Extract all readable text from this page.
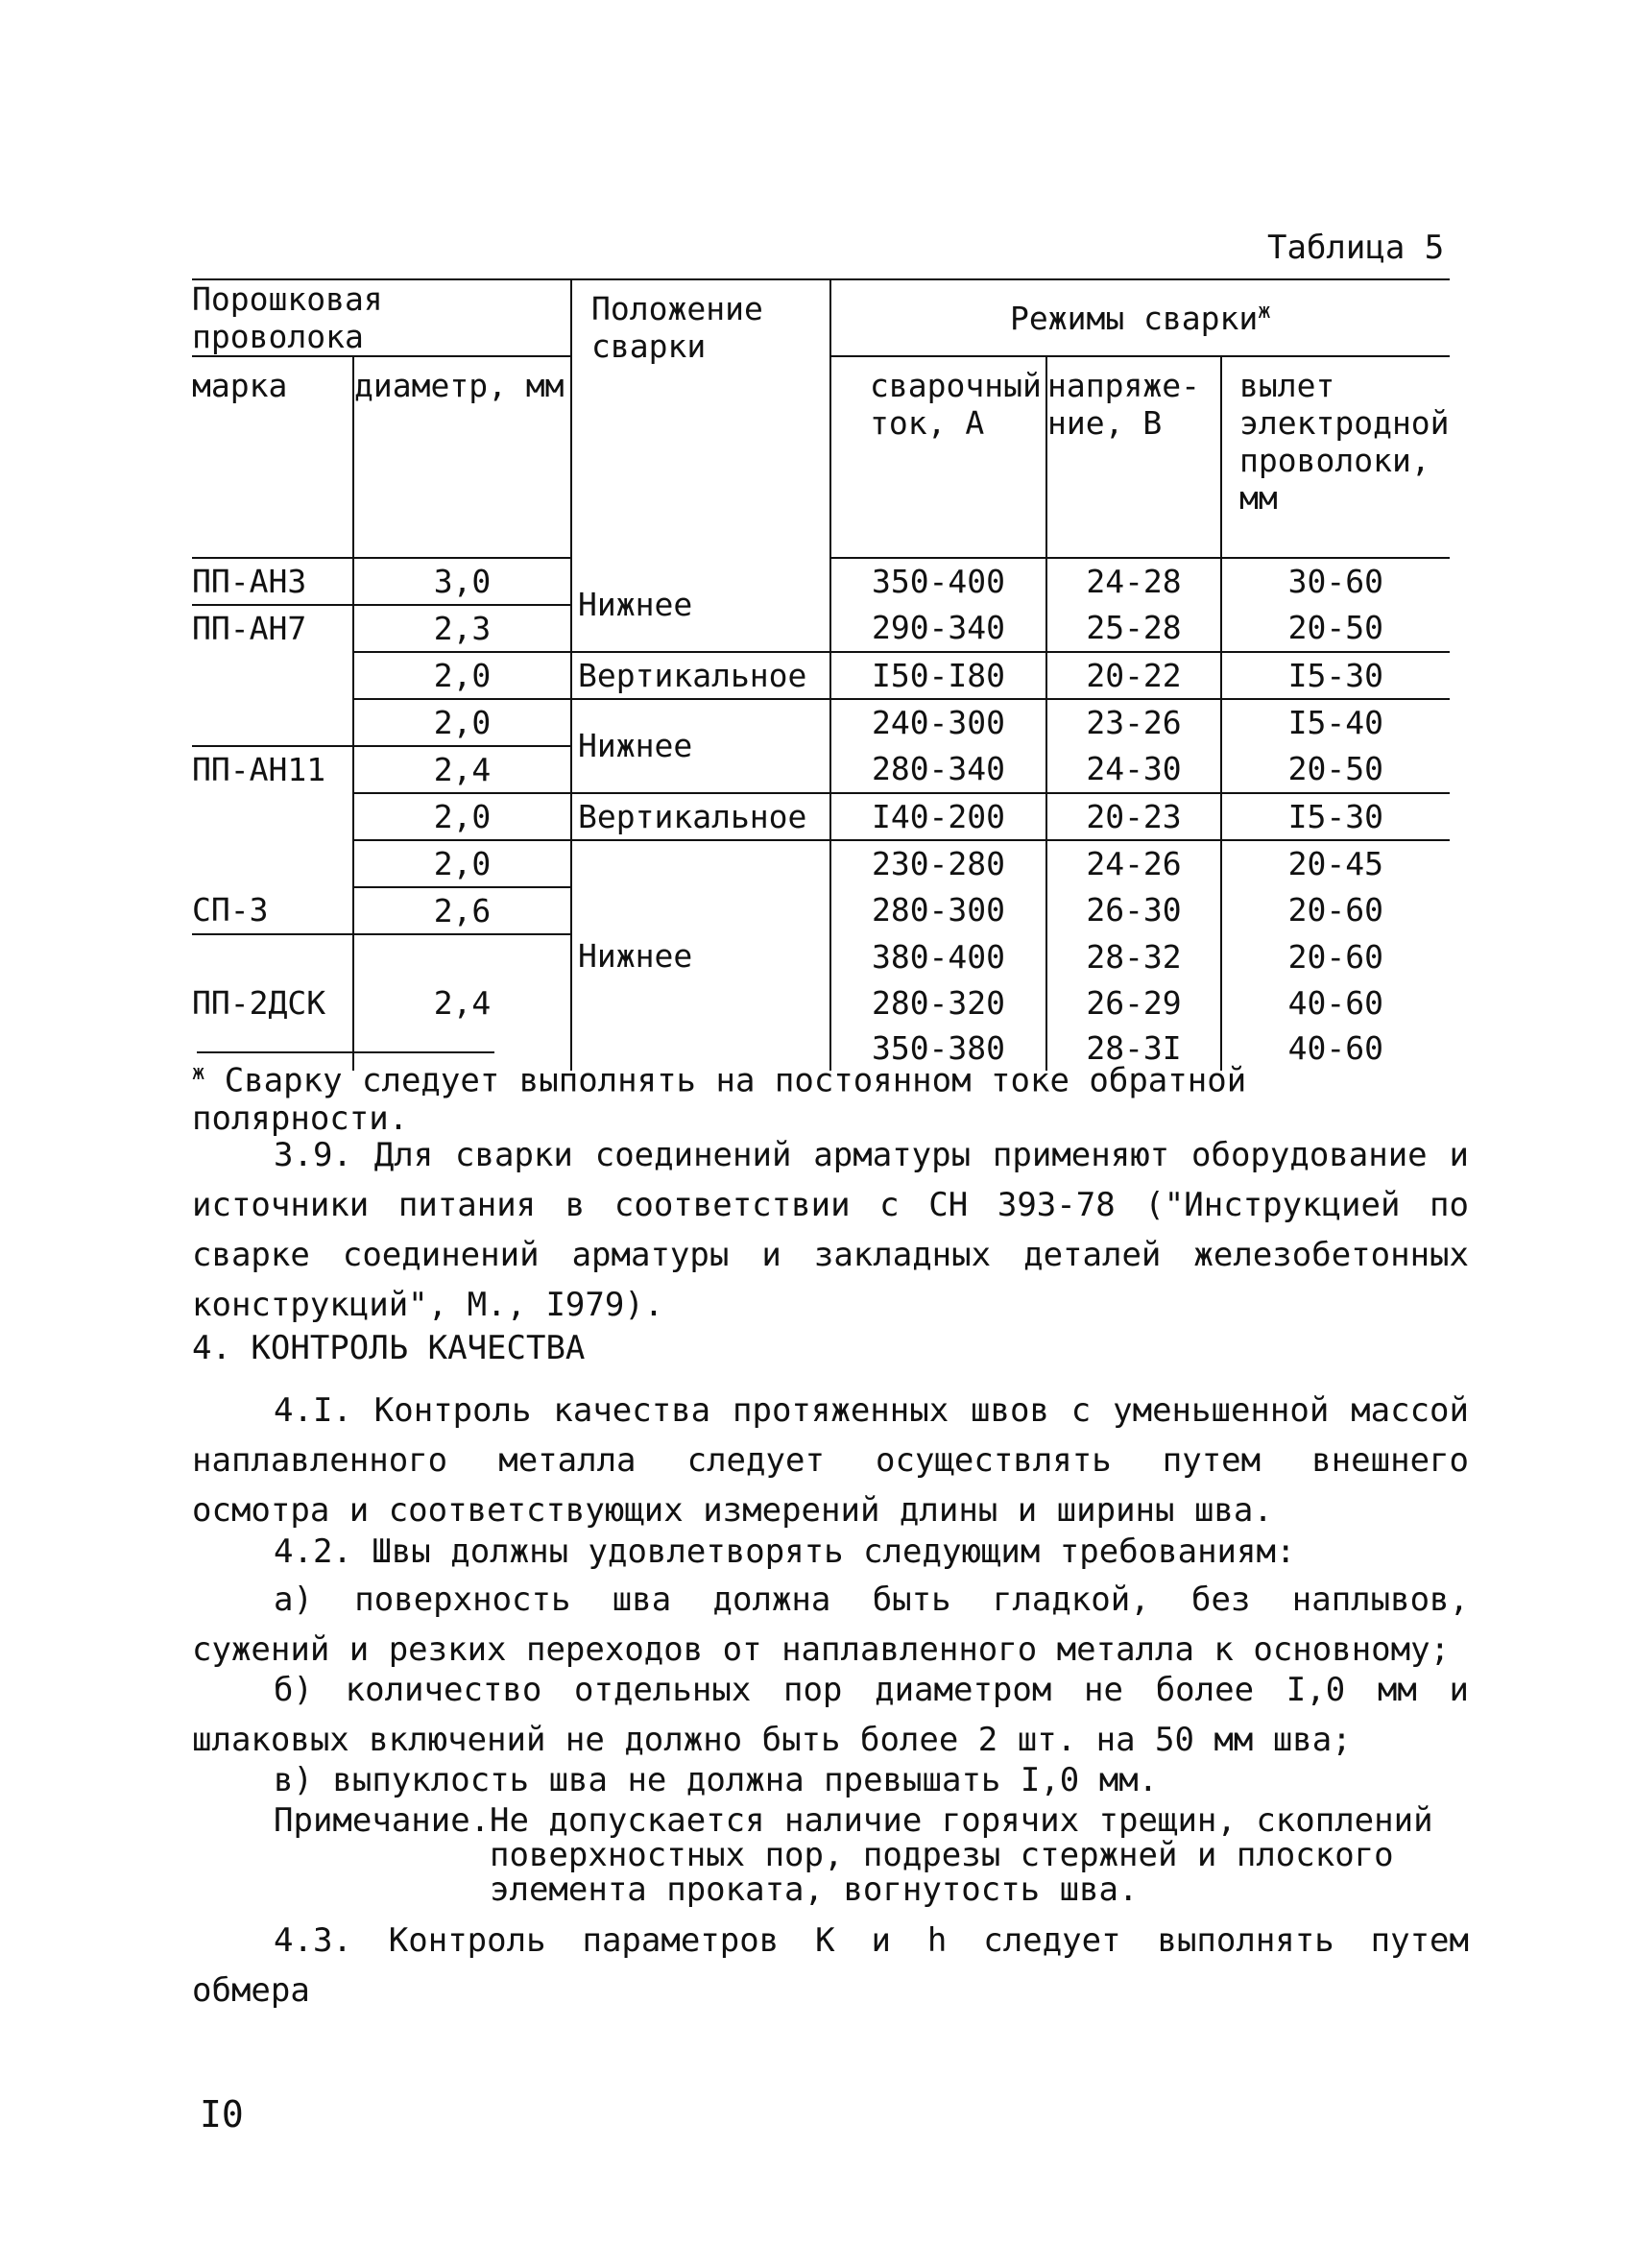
Таблица 5
Порошковая проволока		Положение сварки	Режимы сварки$^ж$
марка	диаметр, мм		сварочный ток, А	напряже-ние, В	вылет электродной проволоки, мм
ПП-АН3	3,0	Нижнее	350-400	24-28	30-60
ПП-АН7	2,3		290-340	25-28	20-50
	2,0	Вертикальное	I50-I80	20-22	I5-30
	2,0	Нижнее	240-300	23-26	I5-40
ПП-АН11	2,4		280-340	24-30	20-50
	2,0	Вертикальное	I40-200	20-23	I5-30
	2,0	Нижнее	230-280	24-26	20-45
СП-3	2,6		280-300	26-30	20-60
			380-400	28-32	20-60
ПП-2ДСК	2,4		280-320	26-29	40-60
			350-380	28-3I	40-60
$^ж$ Сварку следует выполнять на постоянном токе обратной полярности.

3.9. Для сварки соединений арматуры применяют оборудование и источники питания в соответствии с СН 393-78 ("Инструкцией по сварке соединений арматуры и закладных деталей железобетонных конструкций", М., I979).

4. КОНТРОЛЬ КАЧЕСТВА

4.I. Контроль качества протяженных швов с уменьшенной массой наплавленного металла следует осуществлять путем внешнего осмотра и соответствующих измерений длины и ширины шва.

4.2. Швы должны удовлетворять следующим требованиям:

а) поверхность шва должна быть гладкой, без наплывов, сужений и резких переходов от наплавленного металла к основному;

б) количество отдельных пор диаметром не более I,0 мм и шлаковых включений не должно быть более 2 шт. на 50 мм шва;

в) выпуклость шва не должна превышать I,0 мм.

Примечание.Не допускается наличие горячих трещин, скоплений поверхностных пор, подрезы стержней и плоского элемента проката, вогнутость шва.

4.3. Контроль параметров К и h следует выполнять путем обмера

I0
